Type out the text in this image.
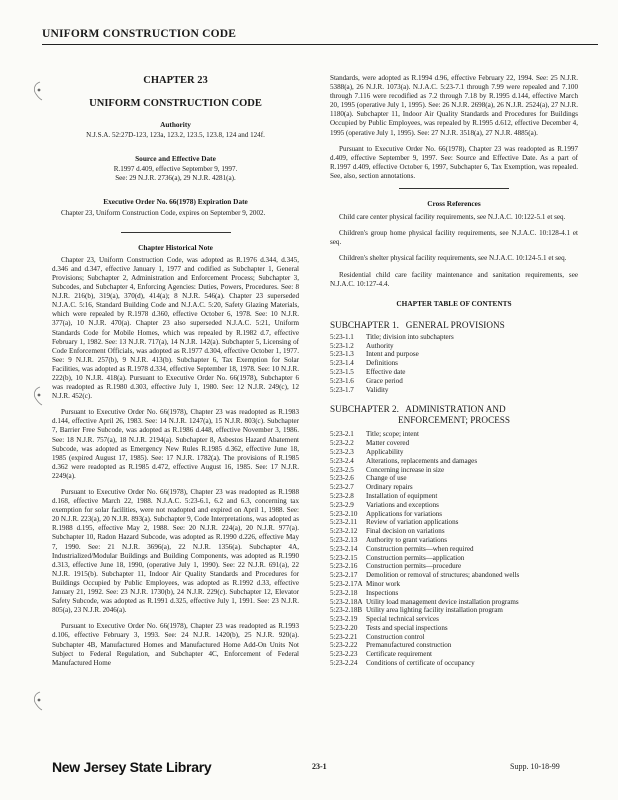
UNIFORM CONSTRUCTION CODE
CHAPTER 23
UNIFORM CONSTRUCTION CODE
Authority
N.J.S.A. 52:27D-123, 123a, 123.2, 123.5, 123.8, 124 and 124f.
Source and Effective Date
R.1997 d.409, effective September 9, 1997.
See: 29 N.J.R. 2736(a), 29 N.J.R. 4281(a).
Executive Order No. 66(1978) Expiration Date

Chapter 23, Uniform Construction Code, expires on September 9, 2002.

Chapter Historical Note

Chapter 23, Uniform Construction Code, was adopted as R.1976 d.344, d.345, d.346 and d.347, effective January 1, 1977 and codified as Subchapter 1, General Provisions; Subchapter 2, Administration and Enforcement Process; Subchapter 3, Subcodes, and Subchapter 4, Enforcing Agencies: Duties, Powers, Procedures. See: 8 N.J.R. 216(b), 319(a), 370(d), 414(a); 8 N.J.R. 546(a). Chapter 23 superseded N.J.A.C. 5:16, Standard Building Code and N.J.A.C. 5:20, Safety Glazing Materials, which were repealed by R.1978 d.360, effective October 6, 1978. See: 10 N.J.R. 377(a), 10 N.J.R. 470(a). Chapter 23 also superseded N.J.A.C. 5:21, Uniform Standards Code for Mobile Homes, which was repealed by R.1982 d.7, effective February 1, 1982. See: 13 N.J.R. 717(a), 14 N.J.R. 142(a). Subchapter 5, Licensing of Code Enforcement Officials, was adopted as R.1977 d.304, effective October 1, 1977. See: 9 N.J.R. 257(b), 9 N.J.R. 413(b). Subchapter 6, Tax Exemption for Solar Facilities, was adopted as R.1978 d.334, effective September 18, 1978. See: 10 N.J.R. 222(b), 10 N.J.R. 418(a). Pursuant to Executive Order No. 66(1978), Subchapter 6 was readopted as R.1980 d.303, effective July 1, 1980. See: 12 N.J.R. 249(c), 12 N.J.R. 452(c).

Pursuant to Executive Order No. 66(1978), Chapter 23 was readopted as R.1983 d.144, effective April 26, 1983. See: 14 N.J.R. 1247(a), 15 N.J.R. 803(c). Subchapter 7, Barrier Free Subcode, was adopted as R.1986 d.448, effective November 3, 1986. See: 18 N.J.R. 757(a), 18 N.J.R. 2194(a). Subchapter 8, Asbestos Hazard Abatement Subcode, was adopted as Emergency New Rules R.1985 d.362, effective June 18, 1985 (expired August 17, 1985). See: 17 N.J.R. 1782(a). The provisions of R.1985 d.362 were readopted as R.1985 d.472, effective August 16, 1985. See: 17 N.J.R. 2249(a).

Pursuant to Executive Order No. 66(1978), Chapter 23 was readopted as R.1988 d.168, effective March 22, 1988. N.J.A.C. 5:23-6.1, 6.2 and 6.3, concerning tax exemption for solar facilities, were not readopted and expired on April 1, 1988. See: 20 N.J.R. 223(a), 20 N.J.R. 893(a). Subchapter 9, Code Interpretations, was adopted as R.1988 d.195, effective May 2, 1988. See: 20 N.J.R. 224(a), 20 N.J.R. 977(a). Subchapter 10, Radon Hazard Subcode, was adopted as R.1990 d.226, effective May 7, 1990. See: 21 N.J.R. 3696(a), 22 N.J.R. 1356(a). Subchapter 4A, Industrialized/Modular Buildings and Building Components, was adopted as R.1990 d.313, effective June 18, 1990, (operative July 1, 1990). See: 22 N.J.R. 691(a), 22 N.J.R. 1915(b). Subchapter 11, Indoor Air Quality Standards and Procedures for Buildings Occupied by Public Employees, was adopted as R.1992 d.33, effective January 21, 1992. See: 23 N.J.R. 1730(b), 24 N.J.R. 229(c). Subchapter 12, Elevator Safety Subcode, was adopted as R.1991 d.325, effective July 1, 1991. See: 23 N.J.R. 805(a), 23 N.J.R. 2046(a).

Pursuant to Executive Order No. 66(1978), Chapter 23 was readopted as R.1993 d.106, effective February 3, 1993. See: 24 N.J.R. 1420(b), 25 N.J.R. 920(a). Subchapter 4B, Manufactured Homes and Manufactured Home Add-On Units Not Subject to Federal Regulation, and Subchapter 4C, Enforcement of Federal Manufactured Home

Standards, were adopted as R.1994 d.96, effective February 22, 1994. See: 25 N.J.R. 5388(a), 26 N.J.R. 1073(a). N.J.A.C. 5:23-7.1 through 7.99 were repealed and 7.100 through 7.116 were recodified as 7.2 through 7.18 by R.1995 d.144, effective March 20, 1995 (operative July 1, 1995). See: 26 N.J.R. 2698(a), 26 N.J.R. 2524(a), 27 N.J.R. 1180(a). Subchapter 11, Indoor Air Quality Standards and Procedures for Buildings Occupied by Public Employees, was repealed by R.1995 d.612, effective December 4, 1995 (operative July 1, 1995). See: 27 N.J.R. 3518(a), 27 N.J.R. 4885(a).

Pursuant to Executive Order No. 66(1978), Chapter 23 was readopted as R.1997 d.409, effective September 9, 1997. See: Source and Effective Date. As a part of R.1997 d.409, effective October 6, 1997, Subchapter 6, Tax Exemption, was repealed. See, also, section annotations.

Cross References

Child care center physical facility requirements, see N.J.A.C. 10:122-5.1 et seq.

Children's group home physical facility requirements, see N.J.A.C. 10:128-4.1 et seq.

Children's shelter physical facility requirements, see N.J.A.C. 10:124-5.1 et seq.

Residential child care facility maintenance and sanitation requirements, see N.J.A.C. 10:127-4.4.

CHAPTER TABLE OF CONTENTS
SUBCHAPTER 1.   GENERAL PROVISIONS
5:23-1.1	Title; division into subchapters
5:23-1.2	Authority
5:23-1.3	Intent and purpose
5:23-1.4	Definitions
5:23-1.5	Effective date
5:23-1.6	Grace period
5:23-1.7	Validity
SUBCHAPTER 2.   ADMINISTRATION AND
ENFORCEMENT; PROCESS
5:23-2.1	Title; scope; intent
5:23-2.2	Matter covered
5:23-2.3	Applicability
5:23-2.4	Alterations, replacements and damages
5:23-2.5	Concerning increase in size
5:23-2.6	Change of use
5:23-2.7	Ordinary repairs
5:23-2.8	Installation of equipment
5:23-2.9	Variations and exceptions
5:23-2.10	Applications for variations
5:23-2.11	Review of variation applications
5:23-2.12	Final decision on variations
5:23-2.13	Authority to grant variations
5:23-2.14	Construction permits—when required
5:23-2.15	Construction permits—application
5:23-2.16	Construction permits—procedure
5:23-2.17	Demolition or removal of structures; abandoned wells
5:23-2.17A Minor work
5:23-2.18	Inspections
5:23-2.18A Utility load management device installation programs
5:23-2.18B Utility area lighting facility installation program
5:23-2.19	Special technical services
5:23-2.20	Tests and special inspections
5:23-2.21	Construction control
5:23-2.22	Premanufactured construction
5:23-2.23	Certificate requirement
5:23-2.24	Conditions of certificate of occupancy
New Jersey State Library	23-1	Supp. 10-18-99
